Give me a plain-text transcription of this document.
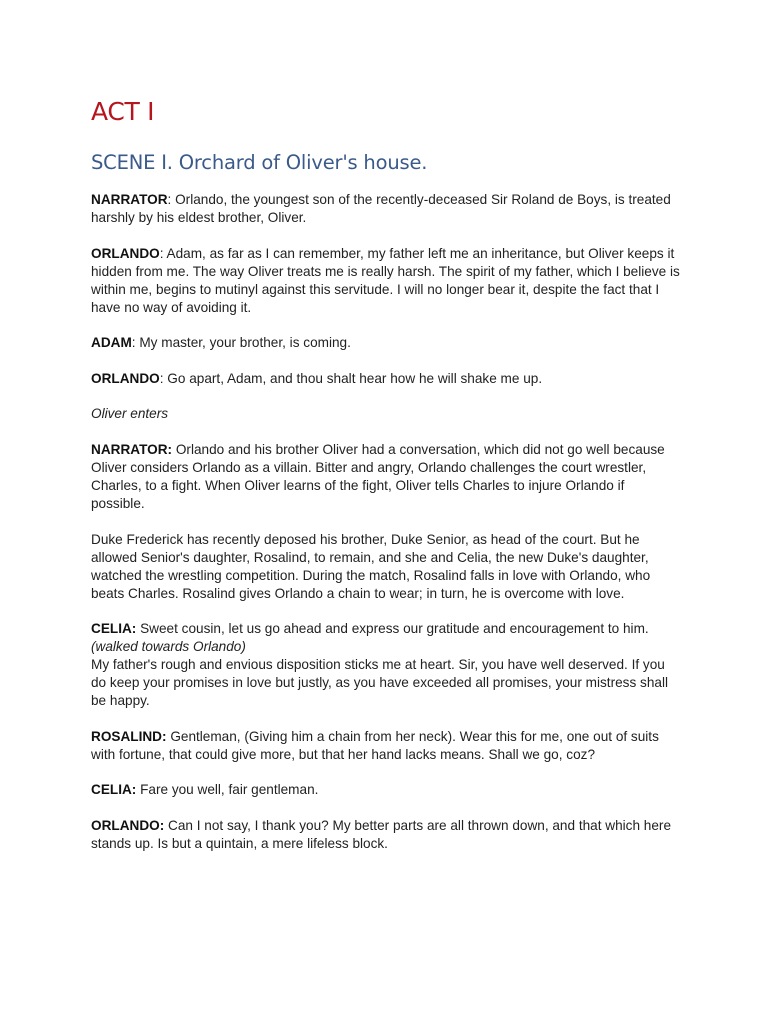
ACT I
SCENE I. Orchard of Oliver's house.

NARRATOR: Orlando, the youngest son of the recently-deceased Sir Roland de Boys, is treated harshly by his eldest brother, Oliver.

ORLANDO: Adam, as far as I can remember, my father left me an inheritance, but Oliver keeps it hidden from me. The way Oliver treats me is really harsh. The spirit of my father, which I believe is within me, begins to mutinyl against this servitude. I will no longer bear it, despite the fact that I have no way of avoiding it.

ADAM: My master, your brother, is coming.

ORLANDO: Go apart, Adam, and thou shalt hear how he will shake me up.

Oliver enters

NARRATOR: Orlando and his brother Oliver had a conversation, which did not go well because Oliver considers Orlando as a villain. Bitter and angry, Orlando challenges the court wrestler, Charles, to a fight. When Oliver learns of the fight, Oliver tells Charles to injure Orlando if possible.

Duke Frederick has recently deposed his brother, Duke Senior, as head of the court. But he allowed Senior's daughter, Rosalind, to remain, and she and Celia, the new Duke's daughter, watched the wrestling competition. During the match, Rosalind falls in love with Orlando, who beats Charles. Rosalind gives Orlando a chain to wear; in turn, he is overcome with love.

CELIA: Sweet cousin, let us go ahead and express our gratitude and encouragement to him.  (walked towards Orlando)
My father's rough and envious disposition sticks me at heart. Sir, you have well deserved. If you do keep your promises in love but justly, as you have exceeded all promises, your mistress shall be happy.

ROSALIND: Gentleman, (Giving him a chain from her neck). Wear this for me, one out of suits with fortune, that could give more, but that her hand lacks means. Shall we go, coz?

CELIA: Fare you well, fair gentleman.

ORLANDO: Can I not say, I thank you? My better parts are all thrown down, and that which here stands up. Is but a quintain, a mere lifeless block.
